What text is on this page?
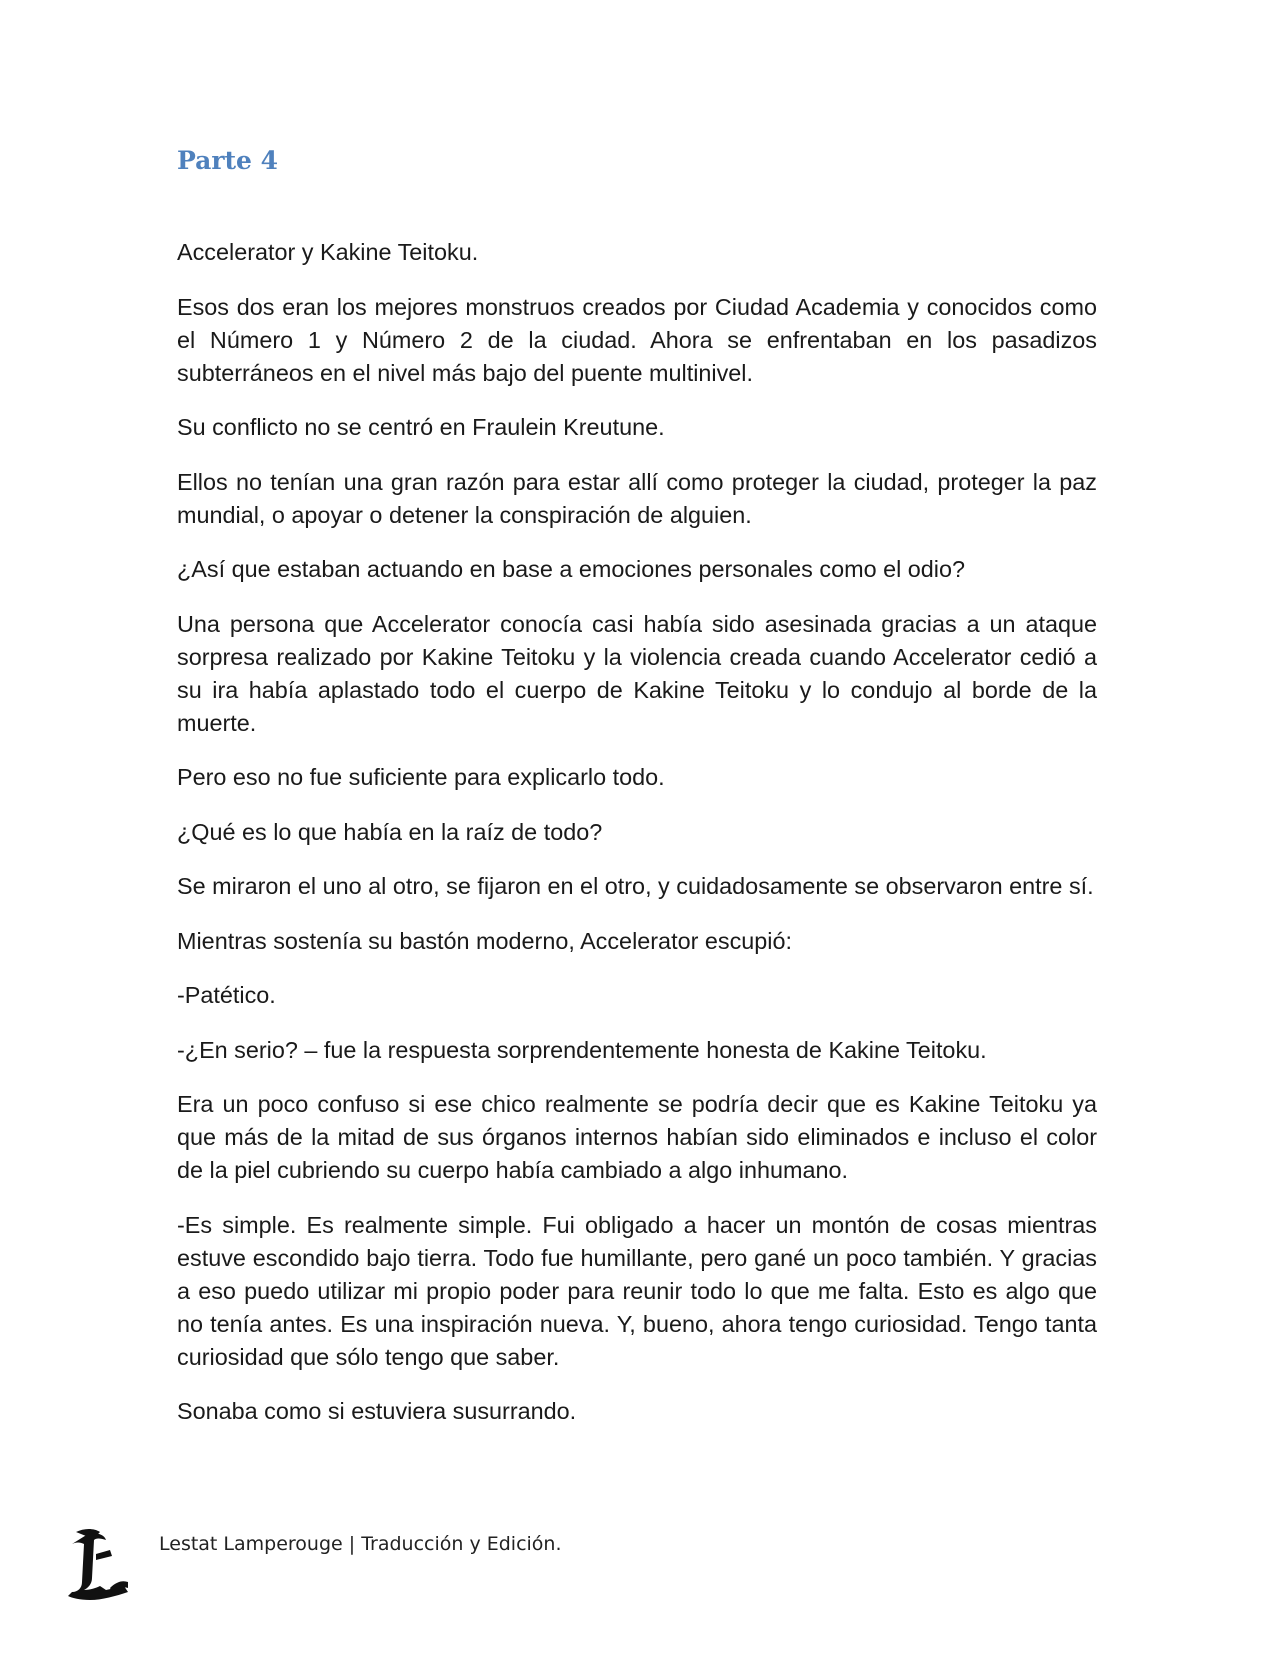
Parte 4

Accelerator y Kakine Teitoku.

Esos dos eran los mejores monstruos creados por Ciudad Academia y conocidos como el Número 1 y Número 2 de la ciudad. Ahora se enfrentaban en los pasadizos subterráneos en el nivel más bajo del puente multinivel.

Su conflicto no se centró en Fraulein Kreutune.

Ellos no tenían una gran razón para estar allí como proteger la ciudad, proteger la paz mundial, o apoyar o detener la conspiración de alguien.

¿Así que estaban actuando en base a emociones personales como el odio?

Una persona que Accelerator conocía casi había sido asesinada gracias a un ataque sorpresa realizado por Kakine Teitoku y la violencia creada cuando Accelerator cedió a su ira había aplastado todo el cuerpo de Kakine Teitoku y lo condujo al borde de la muerte.

Pero eso no fue suficiente para explicarlo todo.

¿Qué es lo que había en la raíz de todo?

Se miraron el uno al otro, se fijaron en el otro, y cuidadosamente se observaron entre sí.

Mientras sostenía su bastón moderno, Accelerator escupió:

-Patético.

-¿En serio? – fue la respuesta sorprendentemente honesta de Kakine Teitoku.

Era un poco confuso si ese chico realmente se podría decir que es Kakine Teitoku ya que más de la mitad de sus órganos internos habían sido eliminados e incluso el color de la piel cubriendo su cuerpo había cambiado a algo inhumano.

-Es simple. Es realmente simple. Fui obligado a hacer un montón de cosas mientras estuve escondido bajo tierra. Todo fue humillante, pero gané un poco también. Y gracias a eso puedo utilizar mi propio poder para reunir todo lo que me falta. Esto es algo que no tenía antes. Es una inspiración nueva. Y, bueno, ahora tengo curiosidad. Tengo tanta curiosidad que sólo tengo que saber.

Sonaba como si estuviera susurrando.

Lestat Lamperouge | Traducción y Edición.
